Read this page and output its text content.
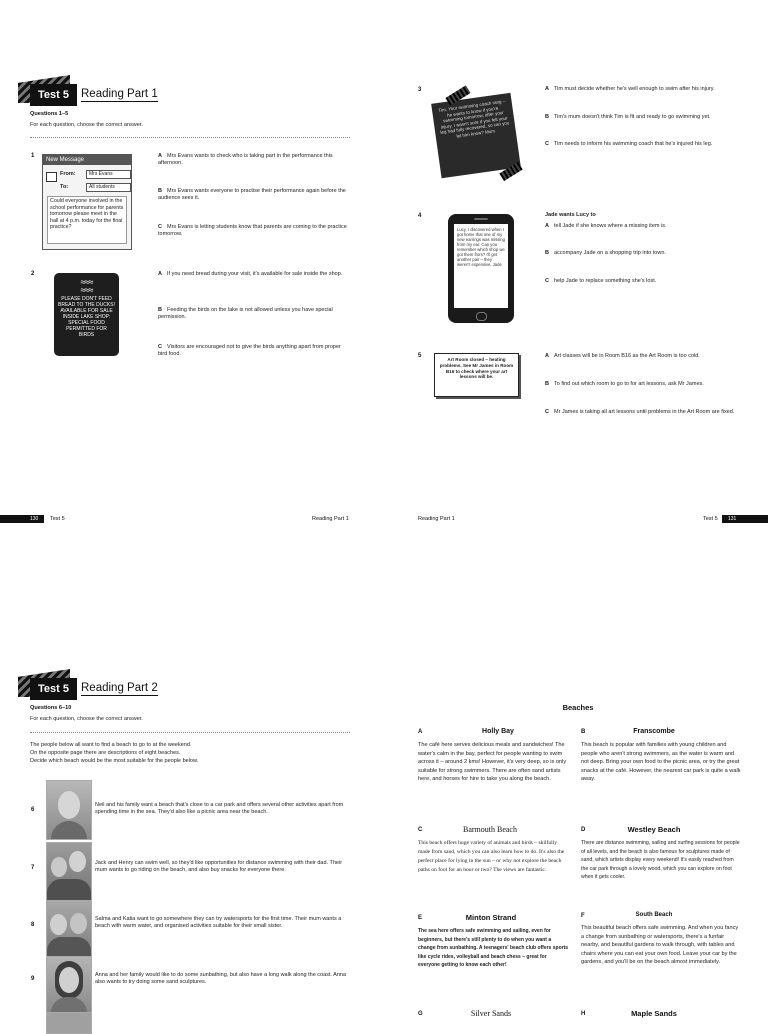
Test 5	Reading Part 1
Questions 1–5
For each question, choose the correct answer.
1
New Message
From:	Mrs Evans
To:	All students
Could everyone involved in the school performance for parents tomorrow please meet in the hall at 4 p.m. today for the final practice?
A Mrs Evans wants to check who is taking part in the performance this afternoon.
B Mrs Evans wants everyone to practise their performance again before the audience sees it.
C Mrs Evans is letting students know that parents are coming to the practice tomorrow.
2
≈≈≈
≈≈≈
PLEASE DON'T FEED BREAD TO THE DUCKS! AVAILABLE FOR SALE INSIDE LAKE SHOP: SPECIAL FOOD PERMITTED FOR BIRDS
A If you need bread during your visit, it's available for sale inside the shop.
B Feeding the birds on the lake is not allowed unless you have special permission.
C Visitors are encouraged not to give the birds anything apart from proper bird food.
130 Test 5	Reading Part 1
3
Tim, Your swimming coach rang – he wants to know if you're swimming tomorrow, after your injury. I wasn't sure if you felt your leg had fully recovered, so can you let him know? Mum
A Tim must decide whether he's well enough to swim after his injury.
B Tim's mum doesn't think Tim is fit and ready to go swimming yet.
C Tim needs to inform his swimming coach that he's injured his leg.
4
Lucy, I discovered when I got home that one of my new earrings was missing from my ear. Can you remember which shop we got them from? I'll get another pair – they weren't expensive. Jade
Jade wants Lucy to
A tell Jade if she knows where a missing item is.
B accompany Jade on a shopping trip into town.
C help Jade to replace something she's lost.
5
Art Room closed – heating problems. See Mr James in Room B16 to check where your art lessons will be.
A Art classes will be in Room B16 as the Art Room is too cold.
B To find out which room to go to for art lessons, ask Mr James.
C Mr James is taking all art lessons until problems in the Art Room are fixed.
Reading Part 1	Test 5 131
Test 5	Reading Part 2
Questions 6–10
For each question, choose the correct answer.
The people below all want to find a beach to go to at the weekend.
On the opposite page there are descriptions of eight beaches.
Decide which beach would be the most suitable for the people below.
6
Neil and his family want a beach that's close to a car park and offers several other activities apart from spending time in the sea. They'd also like a picnic area near the beach.
7
Jack and Henry can swim well, so they'd like opportunities for distance swimming with their dad. Their mum wants to go riding on the beach, and also buy snacks for everyone there.
8
Salma and Katia want to go somewhere they can try watersports for the first time. Their mum wants a beach with warm water, and organised activities suitable for their small sister.
9
Anna and her family would like to do some sunbathing, but also have a long walk along the coast. Anna also wants to try doing some sand sculptures.
Beaches
A	Holly Bay
The café here serves delicious meals and sandwiches! The water's calm in the bay, perfect for people wanting to swim across it – around 2 kms! However, it's very deep, so is only suitable for strong swimmers. There are often sand artists here, and horses for hire to take you along the beach.
B	Franscombe
This beach is popular with families with young children and people who aren't strong swimmers, as the water is warm and not deep. Bring your own food to the picnic area, or try the great snacks at the café. However, the nearest car park is quite a walk away.
C	Barmouth Beach
This beach offers huge variety of animals and birds – skilfully made from sand, which you can also learn how to do. It's also the perfect place for lying in the sun – or why not explore the beach paths on foot for an hour or two? The views are fantastic.
D	Westley Beach
There are distance swimming, sailing and surfing sessions for people of all levels, and the beach is also famous for sculptures made of sand, which artists display every weekend! It's easily reached from the car park through a lovely wood, which you can explore on foot when it gets cooler.
E	Minton Strand
The sea here offers safe swimming and sailing, even for beginners, but there's still plenty to do when you want a change from sunbathing. A teenagers' beach club offers sports like cycle rides, volleyball and beach chess – great for everyone getting to know each other!
F	South Beach
This beautiful beach offers safe swimming. And when you fancy a change from sunbathing or watersports, there's a funfair nearby, and beautiful gardens to walk through, with tables and chairs where you can eat your own food. Leave your car by the gardens, and you'll be on the beach almost immediately.
G	Silver Sands	H	Maple Sands
